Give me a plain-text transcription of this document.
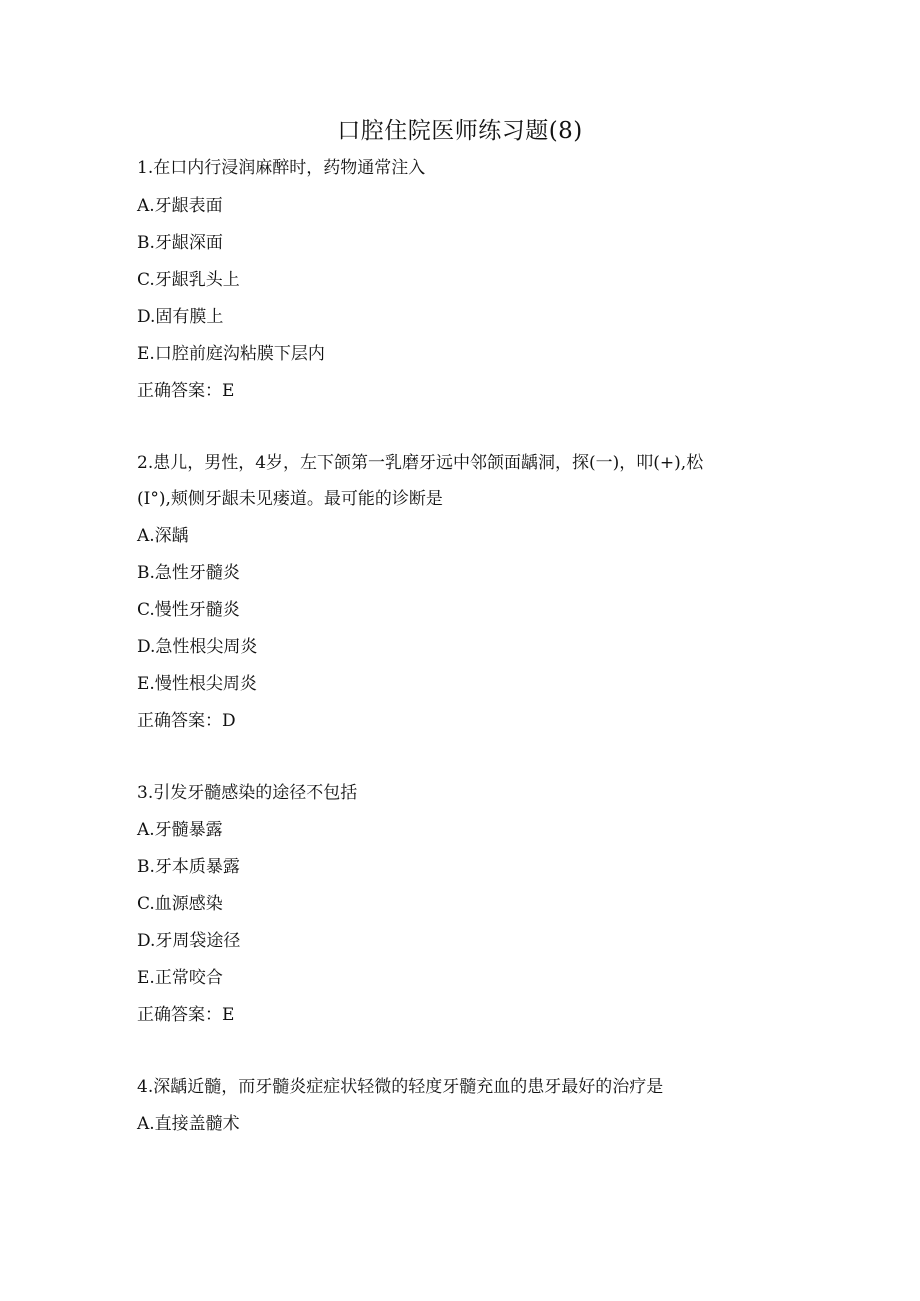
口腔住院医师练习题(8)
1.在口内行浸润麻醉时，药物通常注入
A.牙龈表面
B.牙龈深面
C.牙龈乳头上
D.固有膜上
E.口腔前庭沟粘膜下层内
正确答案：E
2.患儿，男性，4岁，左下颌第一乳磨牙远中邻颌面龋洞，探(一)，叩(+),松
(I°),颊侧牙龈未见瘘道。最可能的诊断是
A.深龋
B.急性牙髓炎
C.慢性牙髓炎
D.急性根尖周炎
E.慢性根尖周炎
正确答案：D
3.引发牙髓感染的途径不包括
A.牙髓暴露
B.牙本质暴露
C.血源感染
D.牙周袋途径
E.正常咬合
正确答案：E
4.深龋近髓，而牙髓炎症症状轻微的轻度牙髓充血的患牙最好的治疗是
A.直接盖髓术
